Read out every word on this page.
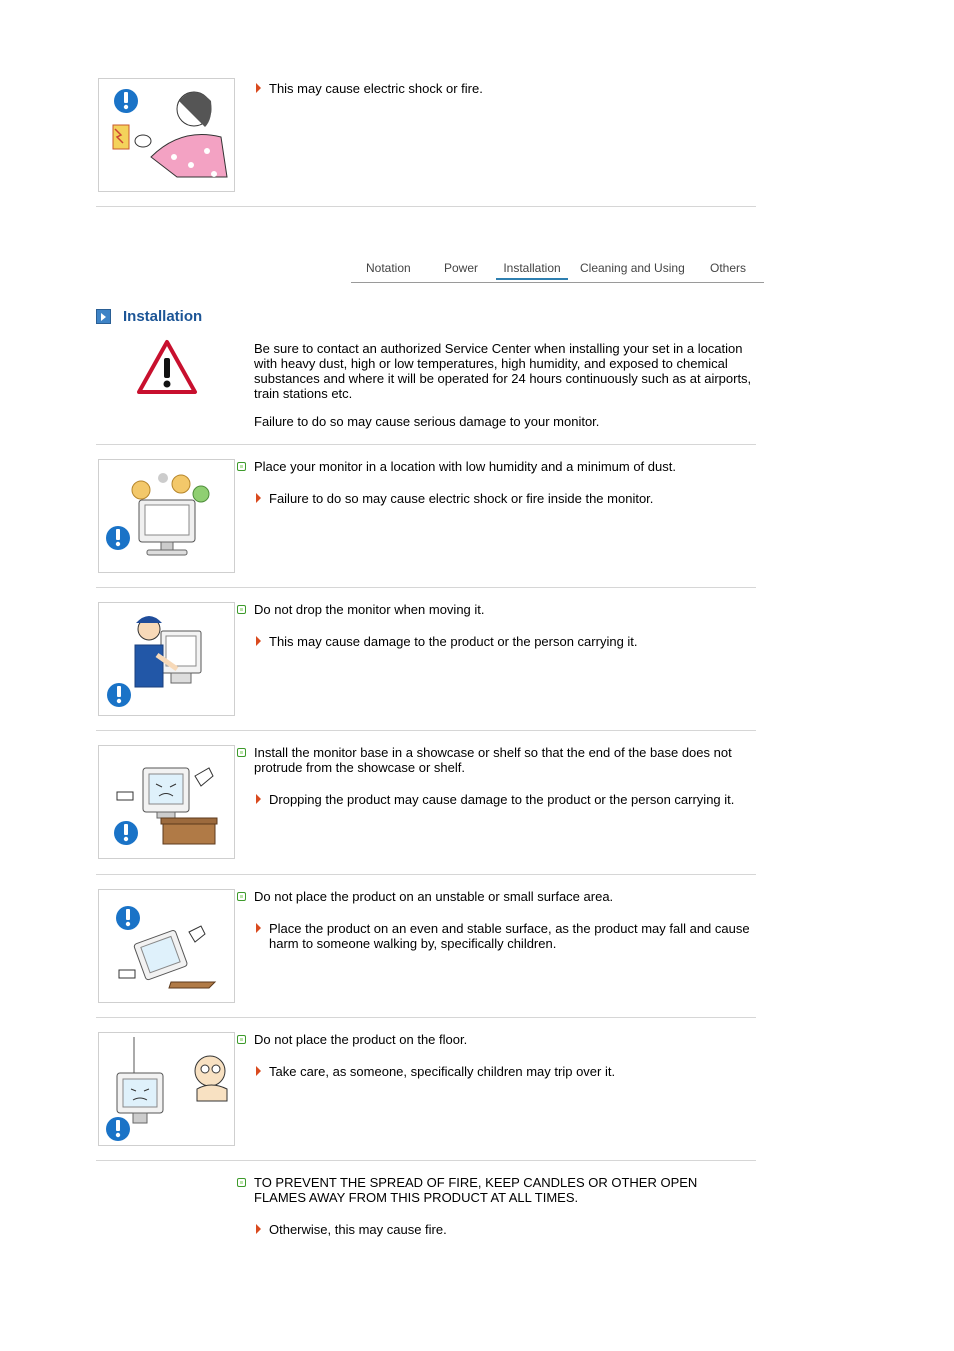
This may cause electric shock or fire.
Notation	Power	Installation	Cleaning and Using Others
Installation
Be sure to contact an authorized Service Center when installing your set in a location with heavy dust, high or low temperatures, high humidity, and exposed to chemical substances and where it will be operated for 24 hours continuously such as at airports, train stations etc.
Failure to do so may cause serious damage to your monitor.
Place your monitor in a location with low humidity and a minimum of dust.
Failure to do so may cause electric shock or fire inside the monitor.
Do not drop the monitor when moving it.
This may cause damage to the product or the person carrying it.
Install the monitor base in a showcase or shelf so that the end of the base does not protrude from the showcase or shelf.
Dropping the product may cause damage to the product or the person carrying it.
Do not place the product on an unstable or small surface area.
Place the product on an even and stable surface, as the product may fall and cause harm to someone walking by, specifically children.
Do not place the product on the floor.
Take care, as someone, specifically children may trip over it.
TO PREVENT THE SPREAD OF FIRE, KEEP CANDLES OR OTHER OPEN FLAMES AWAY FROM THIS PRODUCT AT ALL TIMES.
Otherwise, this may cause fire.
